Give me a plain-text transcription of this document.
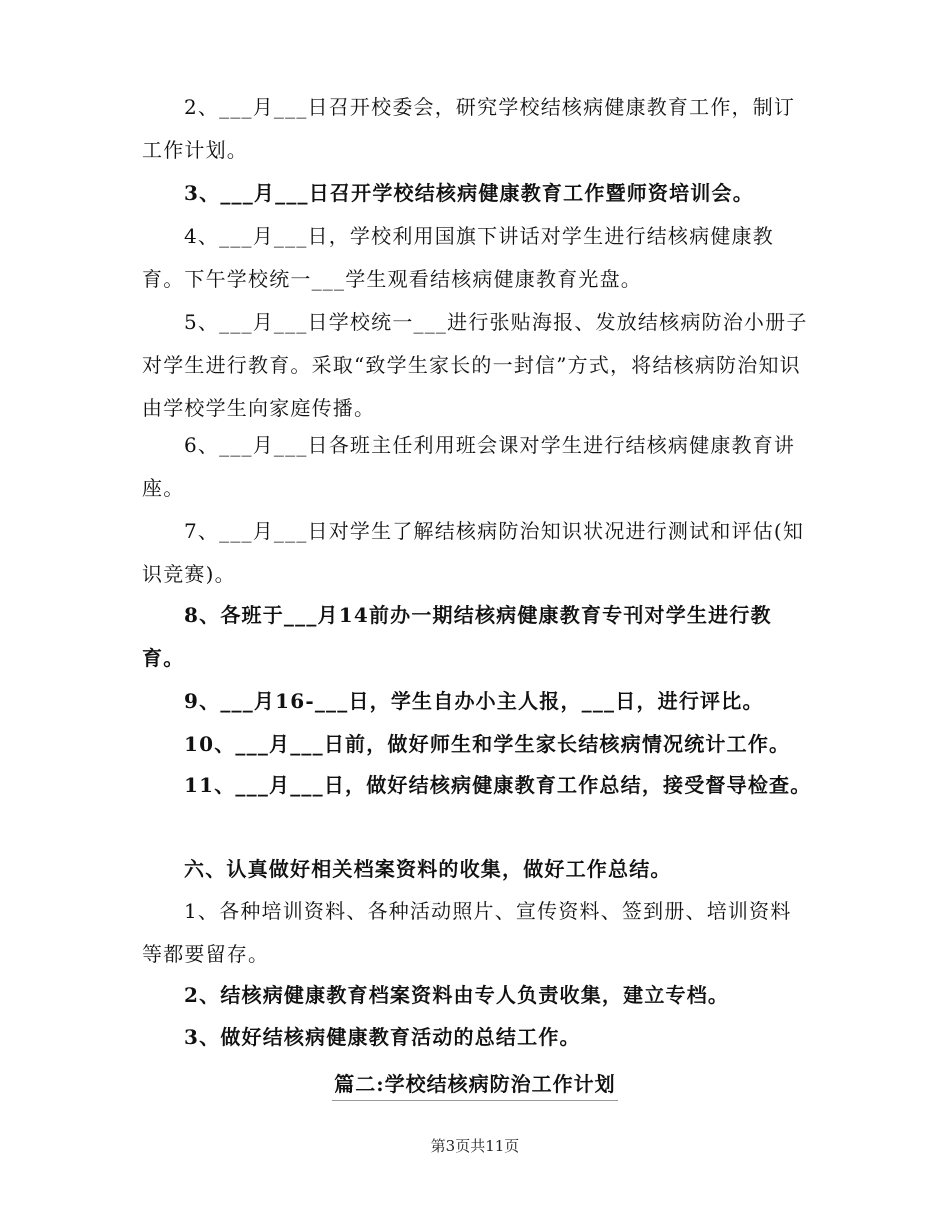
2、___月___日召开校委会，研究学校结核病健康教育工作，制订工作计划。

3、___月___日召开学校结核病健康教育工作暨师资培训会。

4、___月___日，学校利用国旗下讲话对学生进行结核病健康教育。下午学校统一___学生观看结核病健康教育光盘。

5、___月___日学校统一___进行张贴海报、发放结核病防治小册子对学生进行教育。采取“致学生家长的一封信”方式，将结核病防治知识由学校学生向家庭传播。

6、___月___日各班主任利用班会课对学生进行结核病健康教育讲座。

7、___月___日对学生了解结核病防治知识状况进行测试和评估(知识竞赛)。

8、各班于___月14前办一期结核病健康教育专刊对学生进行教育。

9、___月16-___日，学生自办小主人报，___日，进行评比。

10、___月___日前，做好师生和学生家长结核病情况统计工作。

11、___月___日，做好结核病健康教育工作总结，接受督导检查。

六、认真做好相关档案资料的收集，做好工作总结。

1、各种培训资料、各种活动照片、宣传资料、签到册、培训资料等都要留存。

2、结核病健康教育档案资料由专人负责收集，建立专档。

3、做好结核病健康教育活动的总结工作。

篇二:学校结核病防治工作计划
第3页共11页
